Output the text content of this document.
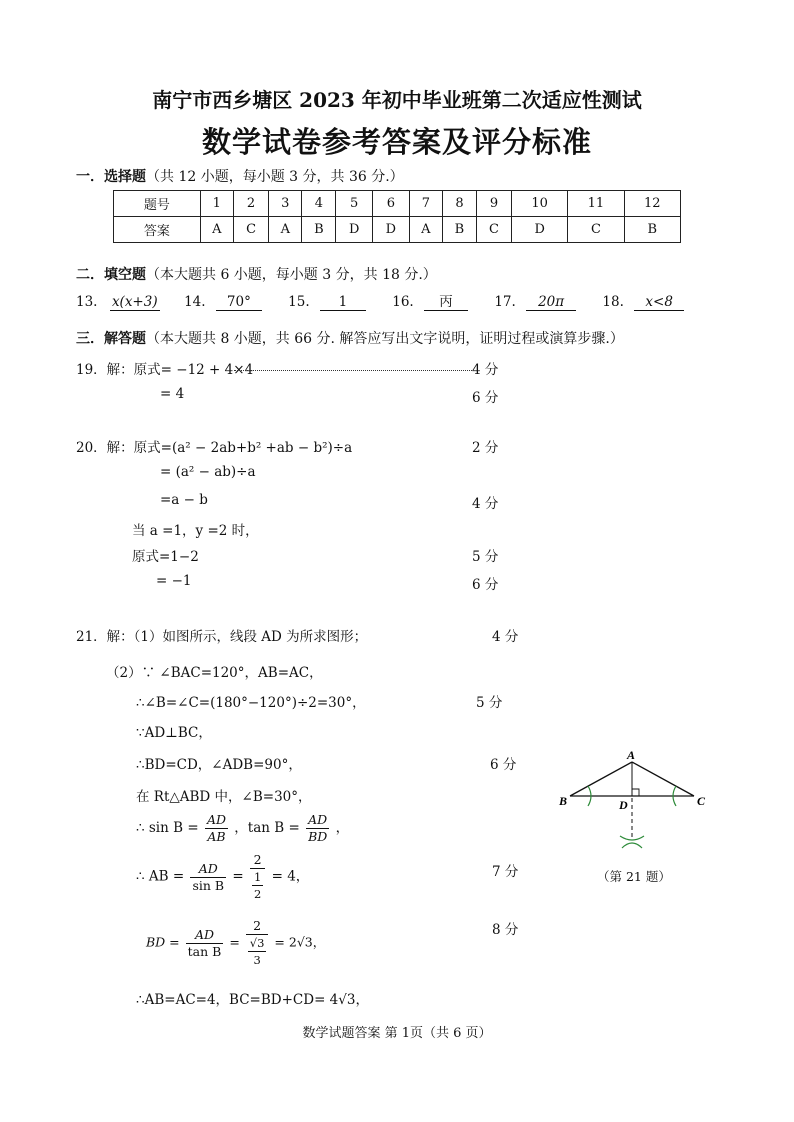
南宁市西乡塘区 2023 年初中毕业班第二次适应性测试
数学试卷参考答案及评分标准
一．选择题（共 12 小题，每小题 3 分，共 36 分.）
题号	1	2	3	4	5	6	7	8	9	10	11	12
答案	A	C	A	B	D	D	A	B	C	D	C	B
二．填空题（本大题共 6 小题，每小题 3 分，共 18 分.）
13. x(x+3) 14. 70°	15. 1	16. 丙	17. 20π	18. x<8
三．解答题（本大题共 8 小题，共 66 分. 解答应写出文字说明，证明过程或演算步骤.）
19．解：原式= −12 + 4×4	4 分
= 4	6 分
20．解：原式=(a² − 2ab+b² +ab − b²)÷a	2 分
= (a² − ab)÷a
=a − b	4 分
当 a =1，y =2 时，
原式=1−2	5 分
= −1	6 分
21．解：（1）如图所示，线段 AD 为所求图形；	4 分
（2）∵ ∠BAC=120°，AB=AC，
∴∠B=∠C=(180°−120°)÷2=30°，	5 分
∵AD⊥BC，
∴BD=CD，∠ADB=90°，	6 分
在 Rt△ABD 中，∠B=30°，
∴ $\sin B = \frac{AD}{AB}$ ，$\tan B = \frac{AD}{BD}$ ，
∴ AB = $\frac{AD}{\text{sin B}} = 2$
1
2 = 4，	7 分
BD = $\frac{AD}{\text{tan B}} = 2$
√3
3 = 2√3，
8 分
∴AB=AC=4，BC=BD+CD= 4√3，
A
B	C
D
（第 21 题）
数学试题答案 第 1页（共 6 页）
